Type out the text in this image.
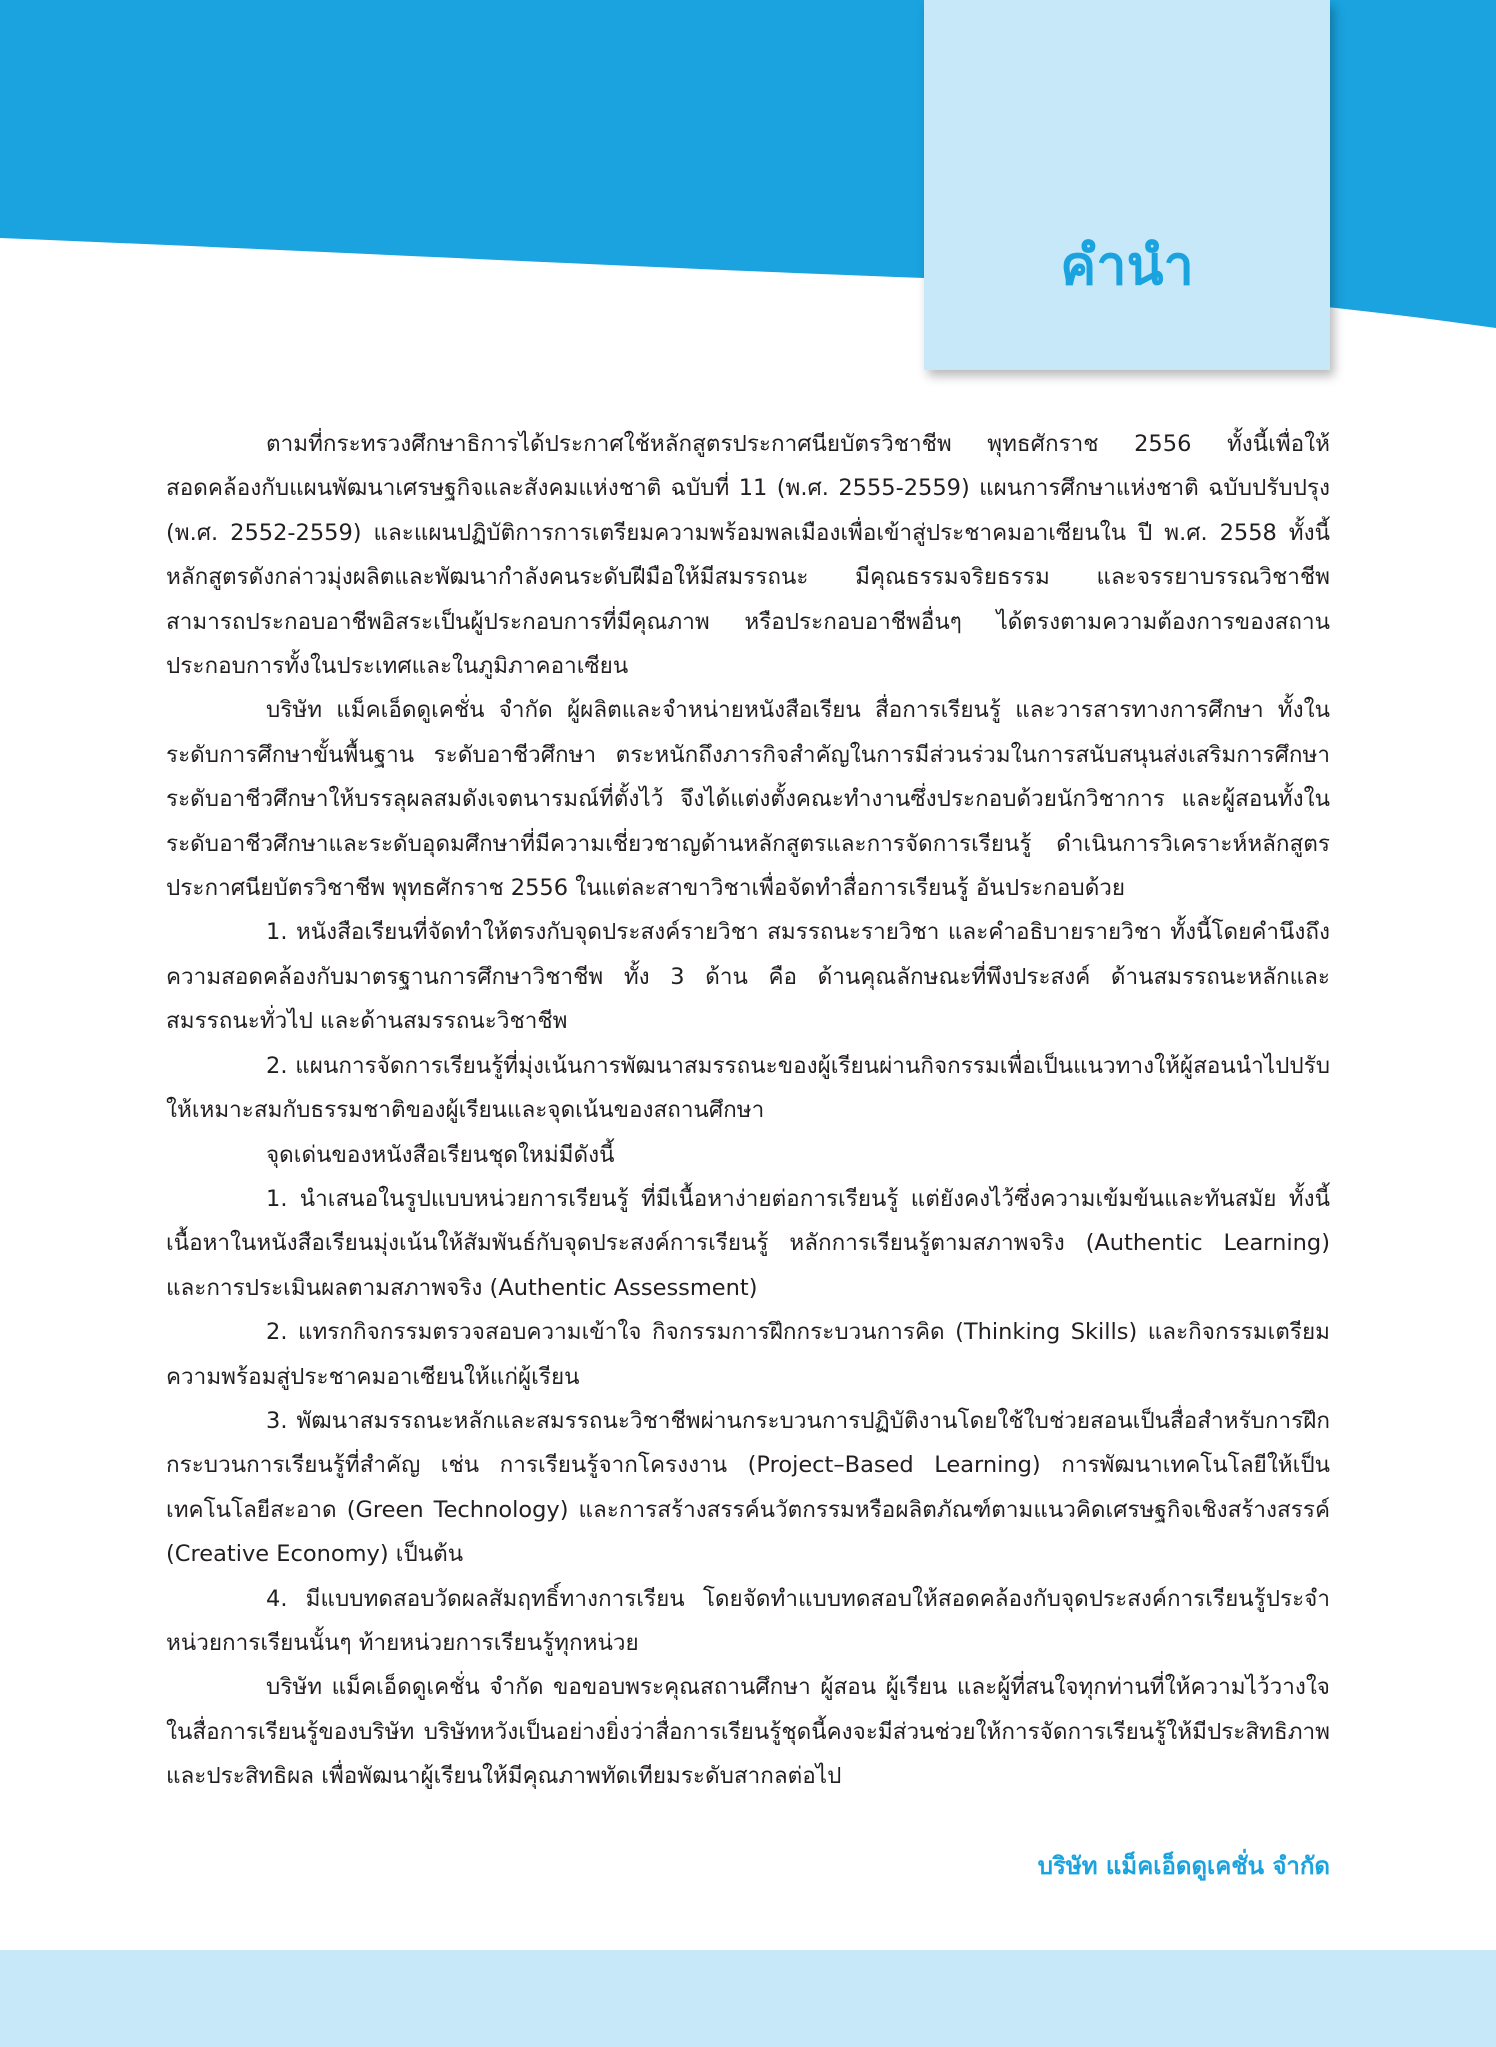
คำนำ

ตามที่กระทรวงศึกษาธิการได้ประกาศใช้หลักสูตรประกาศนียบัตรวิชาชีพ พุทธศักราช 2556 ทั้งนี้เพื่อให้สอดคล้องกับแผนพัฒนาเศรษฐกิจและสังคมแห่งชาติ ฉบับที่ 11 (พ.ศ. 2555-2559) แผนการศึกษาแห่งชาติ ฉบับปรับปรุง (พ.ศ. 2552-2559) และแผนปฏิบัติการการเตรียมความพร้อมพลเมืองเพื่อเข้าสู่ประชาคมอาเซียนใน ปี พ.ศ. 2558 ทั้งนี้หลักสูตรดังกล่าวมุ่งผลิตและพัฒนากำลังคนระดับฝีมือให้มีสมรรถนะ มีคุณธรรมจริยธรรม และจรรยาบรรณวิชาชีพ สามารถประกอบอาชีพอิสระเป็นผู้ประกอบการที่มีคุณภาพ หรือประกอบอาชีพอื่นๆ ได้ตรงตามความต้องการของสถานประกอบการทั้งในประเทศและในภูมิภาคอาเซียน

บริษัท แม็คเอ็ดดูเคชั่น จำกัด ผู้ผลิตและจำหน่ายหนังสือเรียน สื่อการเรียนรู้ และวารสารทางการศึกษา ทั้งในระดับการศึกษาขั้นพื้นฐาน ระดับอาชีวศึกษา ตระหนักถึงภารกิจสำคัญในการมีส่วนร่วมในการสนับสนุนส่งเสริมการศึกษาระดับอาชีวศึกษาให้บรรลุผลสมดังเจตนารมณ์ที่ตั้งไว้ จึงได้แต่งตั้งคณะทำงานซึ่งประกอบด้วยนักวิชาการ และผู้สอนทั้งในระดับอาชีวศึกษาและระดับอุดมศึกษาที่มีความเชี่ยวชาญด้านหลักสูตรและการจัดการเรียนรู้ ดำเนินการวิเคราะห์หลักสูตรประกาศนียบัตรวิชาชีพ พุทธศักราช 2556 ในแต่ละสาขาวิชาเพื่อจัดทำสื่อการเรียนรู้ อันประกอบด้วย

1. หนังสือเรียนที่จัดทำให้ตรงกับจุดประสงค์รายวิชา สมรรถนะรายวิชา และคำอธิบายรายวิชา ทั้งนี้โดยคำนึงถึงความสอดคล้องกับมาตรฐานการศึกษาวิชาชีพ ทั้ง 3 ด้าน คือ ด้านคุณลักษณะที่พึงประสงค์ ด้านสมรรถนะหลักและสมรรถนะทั่วไป และด้านสมรรถนะวิชาชีพ

2. แผนการจัดการเรียนรู้ที่มุ่งเน้นการพัฒนาสมรรถนะของผู้เรียนผ่านกิจกรรมเพื่อเป็นแนวทางให้ผู้สอนนำไปปรับให้เหมาะสมกับธรรมชาติของผู้เรียนและจุดเน้นของสถานศึกษา

จุดเด่นของหนังสือเรียนชุดใหม่มีดังนี้

1. นำเสนอในรูปแบบหน่วยการเรียนรู้ ที่มีเนื้อหาง่ายต่อการเรียนรู้ แต่ยังคงไว้ซึ่งความเข้มข้นและทันสมัย ทั้งนี้เนื้อหาในหนังสือเรียนมุ่งเน้นให้สัมพันธ์กับจุดประสงค์การเรียนรู้ หลักการเรียนรู้ตามสภาพจริง (Authentic Learning) และการประเมินผลตามสภาพจริง (Authentic Assessment)

2. แทรกกิจกรรมตรวจสอบความเข้าใจ กิจกรรมการฝึกกระบวนการคิด (Thinking Skills) และกิจกรรมเตรียมความพร้อมสู่ประชาคมอาเซียนให้แก่ผู้เรียน

3. พัฒนาสมรรถนะหลักและสมรรถนะวิชาชีพผ่านกระบวนการปฏิบัติงานโดยใช้ใบช่วยสอนเป็นสื่อสำหรับการฝึกกระบวนการเรียนรู้ที่สำคัญ เช่น การเรียนรู้จากโครงงาน (Project–Based Learning) การพัฒนาเทคโนโลยีให้เป็นเทคโนโลยีสะอาด (Green Technology) และการสร้างสรรค์นวัตกรรมหรือผลิตภัณฑ์ตามแนวคิดเศรษฐกิจเชิงสร้างสรรค์ (Creative Economy) เป็นต้น

4. มีแบบทดสอบวัดผลสัมฤทธิ์ทางการเรียน โดยจัดทำแบบทดสอบให้สอดคล้องกับจุดประสงค์การเรียนรู้ประจำหน่วยการเรียนนั้นๆ ท้ายหน่วยการเรียนรู้ทุกหน่วย

บริษัท แม็คเอ็ดดูเคชั่น จำกัด ขอขอบพระคุณสถานศึกษา ผู้สอน ผู้เรียน และผู้ที่สนใจทุกท่านที่ให้ความไว้วางใจในสื่อการเรียนรู้ของบริษัท บริษัทหวังเป็นอย่างยิ่งว่าสื่อการเรียนรู้ชุดนี้คงจะมีส่วนช่วยให้การจัดการเรียนรู้ให้มีประสิทธิภาพและประสิทธิผล เพื่อพัฒนาผู้เรียนให้มีคุณภาพทัดเทียมระดับสากลต่อไป

บริษัท แม็คเอ็ดดูเคชั่น จำกัด
